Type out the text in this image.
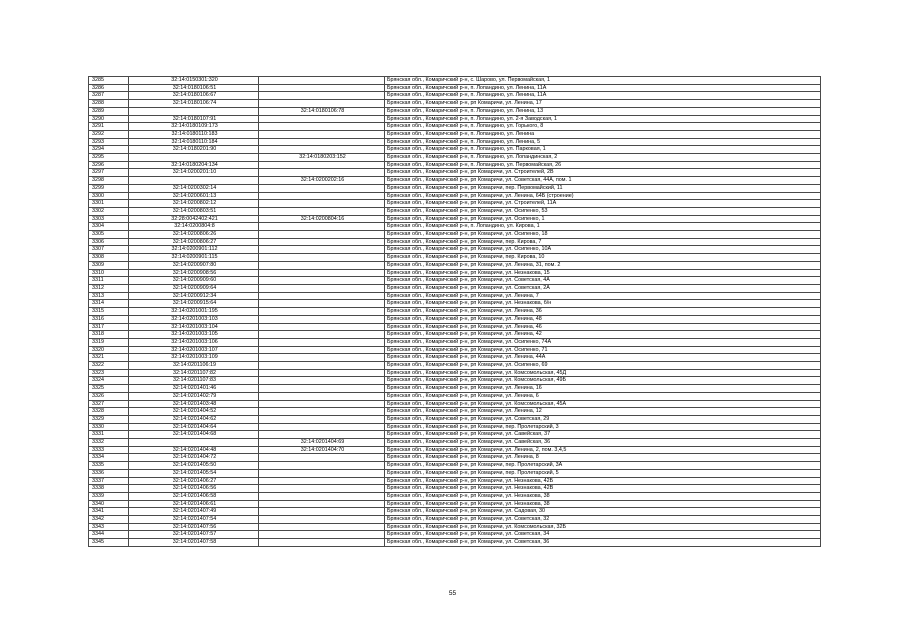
3285	32:14:0150301:320		Брянская обл., Комаричский р-н, с. Шарово, ул. Первомайская, 1
3286	32:14:0180106:51		Брянская обл., Комаричский р-н, п. Лопандино, ул. Ленина, 11А
3287	32:14:0180106:67		Брянская обл., Комаричский р-н, п. Лопандино, ул. Ленина, 11А
3288	32:14:0180106:74		Брянская обл., Комаричский р-н, рп Комаричи, ул. Ленина, 17
3289		32:14:0180106:78	Брянская обл., Комаричский р-н, п. Лопандино, ул. Ленина, 13
3290	32:14:0180107:91		Брянская обл., Комаричский р-н, п. Лопандино, ул. 2-я Заводская, 1
3291	32:14:0180109:173		Брянская обл., Комаричский р-н, п. Лопандино, ул. Горького, 8
3292	32:14:0180110:183		Брянская обл., Комаричский р-н, п. Лопандино, ул. Ленина
3293	32:14:0180110:184		Брянская обл., Комаричский р-н, п. Лопандино, ул. Ленина, 5
3294	32:14:0180201:90		Брянская обл., Комаричский р-н, п. Лопандино, ул. Парковая, 1
3295		32:14:0180203:152	Брянская обл., Комаричский р-н, п. Лопандино, ул. Лопандинская, 2
3296	32:14:0180204:134		Брянская обл., Комаричский р-н, п. Лопандино, ул. Первомайская, 26
3297	32:14:0200201:10		Брянская обл., Комаричский р-н, рп Комаричи, ул. Строителей, 2В
3298		32:14:0200202:16	Брянская обл., Комаричский р-н, рп Комаричи, ул. Советская, 44А, пом. 1
3299	32:14:0200302:14		Брянская обл., Комаричский р-н, рп Комаричи, пер. Первомайский, 11
3300	32:14:0200601:13		Брянская обл., Комаричский р-н, рп Комаричи, ул. Ленина, 64Б (строение)
3301	32:14:0200802:12		Брянская обл., Комаричский р-н, рп Комаричи, ул. Строителей, 11А
3302	32:14:0200803:51		Брянская обл., Комаричский р-н, рп Комаричи, ул. Осипенко, 53
3303	32:28:0042402:421	32:14:0200804:16	Брянская обл., Комаричский р-н, рп Комаричи, ул. Осипенко, 1
3304	32:14:0200804:8		Брянская обл., Комаричский р-н, п. Лопандино, ул. Кирова, 1
3305	32:14:0200806:26		Брянская обл., Комаричский р-н, рп Комаричи, ул. Осипенко, 18
3306	32:14:0200806:27		Брянская обл., Комаричский р-н, рп Комаричи, пер. Кирова, 7
3307	32:14:0200901:112		Брянская обл., Комаричский р-н, рп Комаричи, ул. Осипенко, 10А
3308	32:14:0200901:115		Брянская обл., Комаричский р-н, рп Комаричи, пер. Кирова, 10
3309	32:14:0200907:80		Брянская обл., Комаричский р-н, рп Комаричи, ул. Ленина, 31, пом. 2
3310	32:14:0200908:56		Брянская обл., Комаричский р-н, рп Комаричи, ул. Незнакова, 15
3311	32:14:0200909:60		Брянская обл., Комаричский р-н, рп Комаричи, ул. Советская, 4А
3312	32:14:0200909:64		Брянская обл., Комаричский р-н, рп Комаричи, ул. Советская, 2А
3313	32:14:0200912:34		Брянская обл., Комаричский р-н, рп Комаричи, ул. Ленина, 7
3314	32:14:0200915:64		Брянская обл., Комаричский р-н, рп Комаричи, ул. Незнакова, б/н
3315	32:14:0201001:195		Брянская обл., Комаричский р-н, рп Комаричи, ул. Ленина, 36
3316	32:14:0201003:103		Брянская обл., Комаричский р-н, рп Комаричи, ул. Ленина, 48
3317	32:14:0201003:104		Брянская обл., Комаричский р-н, рп Комаричи, ул. Ленина, 46
3318	32:14:0201003:105		Брянская обл., Комаричский р-н, рп Комаричи, ул. Ленина, 42
3319	32:14:0201003:106		Брянская обл., Комаричский р-н, рп Комаричи, ул. Осипенко, 74А
3320	32:14:0201003:107		Брянская обл., Комаричский р-н, рп Комаричи, ул. Осипенко, 71
3321	32:14:0201003:109		Брянская обл., Комаричский р-н, рп Комаричи, ул. Ленина, 44А
3322	32:14:0201106:19		Брянская обл., Комаричский р-н, рп Комаричи, ул. Осипенко, 69
3323	32:14:0201107:82		Брянская обл., Комаричский р-н, рп Комаричи, ул. Комсомольская, 45Д
3324	32:14:0201107:83		Брянская обл., Комаричский р-н, рп Комаричи, ул. Комсомольская, 49Б
3325	32:14:0201401:46		Брянская обл., Комаричский р-н, рп Комаричи, ул. Ленина, 16
3326	32:14:0201402:79		Брянская обл., Комаричский р-н, рп Комаричи, ул. Ленина, 6
3327	32:14:0201403:48		Брянская обл., Комаричский р-н, рп Комаричи, ул. Комсомольская, 45А
3328	32:14:0201404:52		Брянская обл., Комаричский р-н, рп Комаричи, ул. Ленина, 12
3329	32:14:0201404:62		Брянская обл., Комаричский р-н, рп Комаричи, ул. Советская, 29
3330	32:14:0201404:64		Брянская обл., Комаричский р-н, рп Комаричи, пер. Пролетарский, 3
3331	32:14:0201404:68		Брянская обл., Комаричский р-н, рп Комаричи, ул. Савейская, 37
3332		32:14:0201404:69	Брянская обл., Комаричский р-н, рп Комаричи, ул. Савейская, 36
3333	32:14:0201404:48	32:14:0201404:70	Брянская обл., Комаричский р-н, рп Комаричи, ул. Ленина, 2, пом. 3,4,5
3334	32:14:0201404:72		Брянская обл., Комаричский р-н, рп Комаричи, ул. Ленина, 8
3335	32:14:0201405:50		Брянская обл., Комаричский р-н, рп Комаричи, пер. Пролетарский, 3А
3336	32:14:0201405:54		Брянская обл., Комаричский р-н, рп Комаричи, пер. Пролетарский, 5
3337	32:14:0201406:27		Брянская обл., Комаричский р-н, рп Комаричи, ул. Незнакова, 42Б
3338	32:14:0201406:56		Брянская обл., Комаричский р-н, рп Комаричи, ул. Незнакова, 42В
3339	32:14:0201406:58		Брянская обл., Комаричский р-н, рп Комаричи, ул. Незнакова, 38
3340	32:14:0201406:61		Брянская обл., Комаричский р-н, рп Комаричи, ул. Незнакова, 38
3341	32:14:0201407:49		Брянская обл., Комаричский р-н, рп Комаричи, ул. Садовая, 30
3342	32:14:0201407:54		Брянская обл., Комаричский р-н, рп Комаричи, ул. Советская, 32
3343	32:14:0201407:56		Брянская обл., Комаричский р-н, рп Комаричи, ул. Комсомольская, 32Б
3344	32:14:0201407:57		Брянская обл., Комаричский р-н, рп Комаричи, ул. Советская, 34
3345	32:14:0201407:58		Брянская обл., Комаричский р-н, рп Комаричи, ул. Советская, 36
55
